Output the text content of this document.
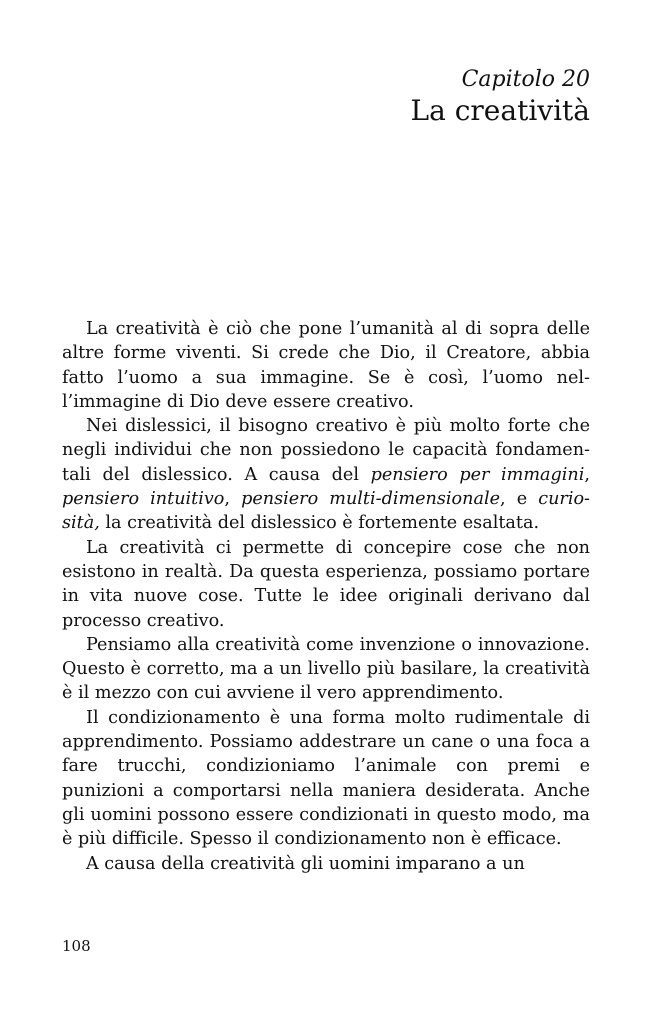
Capitolo 20
La creatività

La creatività è ciò che pone l’umanità al di sopra delle altre forme viventi. Si crede che Dio, il Creatore, abbia fatto l’uomo a sua immagine. Se è così, l’uomo nell’immagine di Dio deve essere creativo.

Nei dislessici, il bisogno creativo è più molto forte che negli individui che non possiedono le capacità fondamentali del dislessico. A causa del pensiero per immagini, pensiero intuitivo, pensiero multi-dimensionale, e curiosità, la creatività del dislessico è fortemente esaltata.

La creatività ci permette di concepire cose che non esistono in realtà. Da questa esperienza, possiamo portare in vita nuove cose. Tutte le idee originali derivano dal processo creativo.

Pensiamo alla creatività come invenzione o innovazione. Questo è corretto, ma a un livello più basilare, la creatività è il mezzo con cui avviene il vero apprendimento.

Il condizionamento è una forma molto rudimentale di apprendimento. Possiamo addestrare un cane o una foca a fare trucchi, condizioniamo l’animale con premi e punizioni a comportarsi nella maniera desiderata. Anche gli uomini possono essere condizionati in questo modo, ma è più difficile. Spesso il condizionamento non è efficace.

A causa della creatività gli uomini imparano a un

108
